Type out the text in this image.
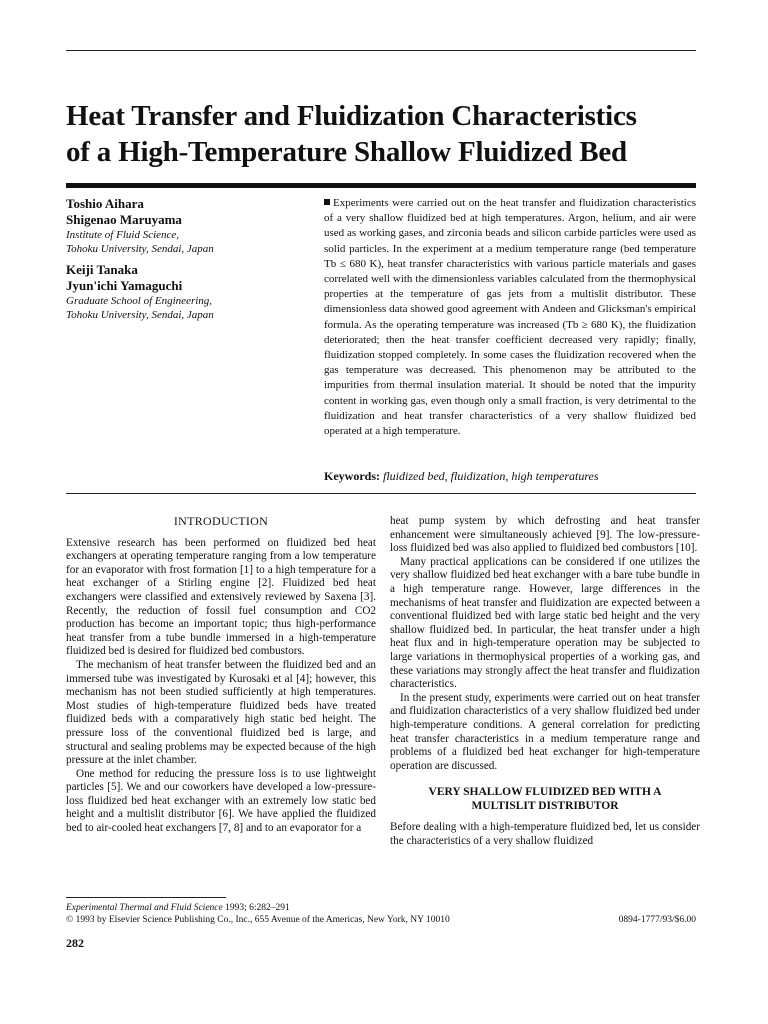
Heat Transfer and Fluidization Characteristics
of a High-Temperature Shallow Fluidized Bed
Toshio Aihara
Shigenao Maruyama
Institute of Fluid Science,
Tohoku University, Sendai, Japan
Keiji Tanaka
Jyun'ichi Yamaguchi
Graduate School of Engineering,
Tohoku University, Sendai, Japan
Experiments were carried out on the heat transfer and fluidization characteristics of a very shallow fluidized bed at high temperatures. Argon, helium, and air were used as working gases, and zirconia beads and silicon carbide particles were used as solid particles. In the experiment at a medium temperature range (bed temperature Tb ≤ 680 K), heat transfer characteristics with various particle materials and gases correlated well with the dimensionless variables calculated from the thermophysical properties at the temperature of gas jets from a multislit distributor. These dimensionless data showed good agreement with Andeen and Glicksman's empirical formula. As the operating temperature was increased (Tb ≥ 680 K), the fluidization deteriorated; then the heat transfer coefficient decreased very rapidly; finally, fluidization stopped completely. In some cases the fluidization recovered when the gas temperature was decreased. This phenomenon may be attributed to the impurities from thermal insulation material. It should be noted that the impurity content in working gas, even though only a small fraction, is very detrimental to the fluidization and heat transfer characteristics of a very shallow fluidized bed operated at a high temperature.
Keywords: fluidized bed, fluidization, high temperatures
INTRODUCTION

Extensive research has been performed on fluidized bed heat exchangers at operating temperature ranging from a low temperature for an evaporator with frost formation [1] to a high temperature for a heat exchanger of a Stirling engine [2]. Fluidized bed heat exchangers were classified and extensively reviewed by Saxena [3]. Recently, the reduction of fossil fuel consumption and CO2 production has become an important topic; thus high-performance heat transfer from a tube bundle immersed in a high-temperature fluidized bed is desired for fluidized bed combustors.

The mechanism of heat transfer between the fluidized bed and an immersed tube was investigated by Kurosaki et al [4]; however, this mechanism has not been studied sufficiently at high temperatures. Most studies of high-temperature fluidized beds have treated fluidized beds with a comparatively high static bed height. The pressure loss of the conventional fluidized bed is large, and structural and sealing problems may be expected because of the high pressure at the inlet chamber.

One method for reducing the pressure loss is to use lightweight particles [5]. We and our coworkers have developed a low-pressure-loss fluidized bed heat exchanger with an extremely low static bed height and a multislit distributor [6]. We have applied the fluidized bed to air-cooled heat exchangers [7, 8] and to an evaporator for a

heat pump system by which defrosting and heat transfer enhancement were simultaneously achieved [9]. The low-pressure-loss fluidized bed was also applied to fluidized bed combustors [10].

Many practical applications can be considered if one utilizes the very shallow fluidized bed heat exchanger with a bare tube bundle in a high temperature range. However, large differences in the mechanisms of heat transfer and fluidization are expected between a conventional fluidized bed with large static bed height and the very shallow fluidized bed. In particular, the heat transfer under a high heat flux and in high-temperature operation may be subjected to large variations in thermophysical properties of a working gas, and these variations may strongly affect the heat transfer and fluidization characteristics.

In the present study, experiments were carried out on heat transfer and fluidization characteristics of a very shallow fluidized bed under high-temperature conditions. A general correlation for predicting heat transfer characteristics in a medium temperature range and problems of a fluidized bed heat exchanger for high-temperature operation are discussed.

VERY SHALLOW FLUIDIZED BED WITH A
MULTISLIT DISTRIBUTOR

Before dealing with a high-temperature fluidized bed, let us consider the characteristics of a very shallow fluidized

Experimental Thermal and Fluid Science 1993; 6:282–291
© 1993 by Elsevier Science Publishing Co., Inc., 655 Avenue of the Americas, New York, NY 10010	0894-1777/93/$6.00
282
